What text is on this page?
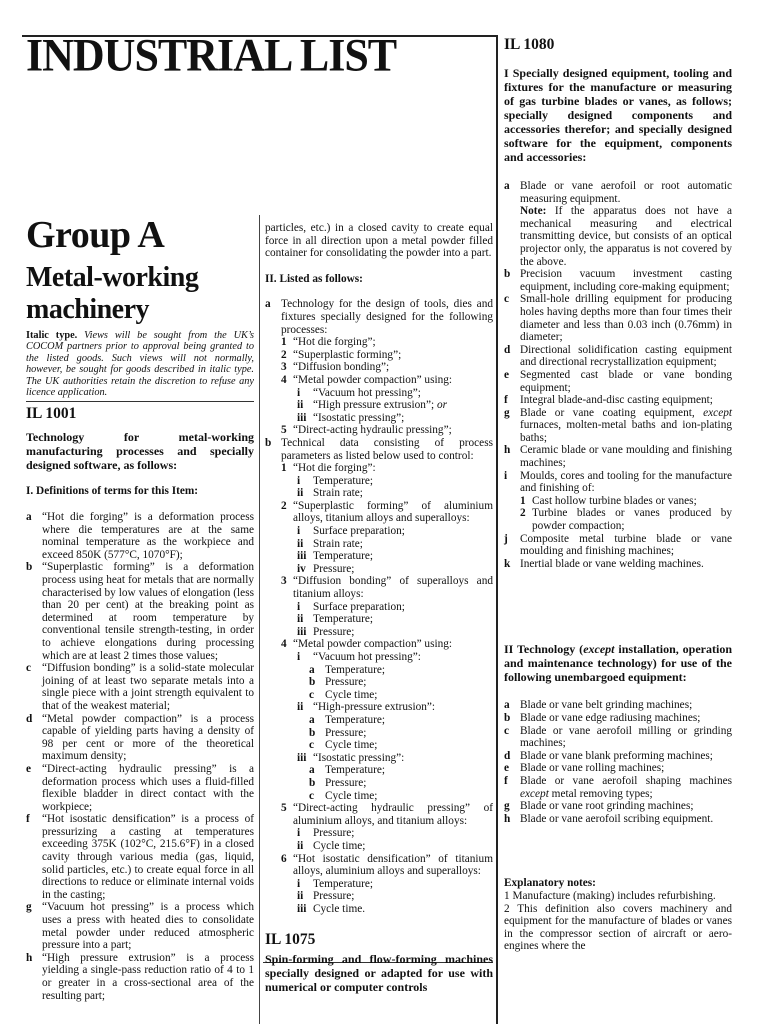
INDUSTRIAL LIST
Group A
Metal-working machinery

Italic type. Views will be sought from the UK’s COCOM partners prior to approval being granted to the listed goods. Such views will not normally, however, be sought for goods described in italic type. The UK authorities retain the discretion to refuse any licence application.

IL 1001

Technology for metal-working manufacturing processes and specially designed software, as follows:

I. Definitions of terms for this Item:

a “Hot die forging” is a deformation process where die temperatures are at the same nominal temperature as the workpiece and exceed 850K (577°C, 1070°F);
b “Superplastic forming” is a deformation process using heat for metals that are normally characterised by low values of elongation (less than 20 per cent) at the breaking point as determined at room temperature by conventional tensile strength-testing, in order to achieve elongations during processing which are at least 2 times those values;
c “Diffusion bonding” is a solid-state molecular joining of at least two separate metals into a single piece with a joint strength equivalent to that of the weakest material;
d “Metal powder compaction” is a process capable of yielding parts having a density of 98 per cent or more of the theoretical maximum density;
e “Direct-acting hydraulic pressing” is a deformation process which uses a fluid-filled flexible bladder in direct contact with the workpiece;
f	“Hot isostatic densification” is a process of pressurizing a casting at temperatures exceeding 375K (102°C, 215.6°F) in a closed cavity through various media (gas, liquid, solid particles, etc.) to create equal force in all directions to reduce or eliminate internal voids in the casting;
g “Vacuum hot pressing” is a process which uses a press with heated dies to consolidate metal powder under reduced atmospheric pressure into a part;
h “High pressure extrusion” is a process yielding a single-pass reduction ratio of 4 to 1 or greater in a cross-sectional area of the resulting part;

particles, etc.) in a closed cavity to create equal force in all direction upon a metal powder filled container for consolidating the powder into a part.

II. Listed as follows:

a Technology for the design of tools, dies and fixtures specially designed for the following processes:
1 “Hot die forging”;
2 “Superplastic forming”;
3 “Diffusion bonding”;
4 “Metal powder compaction” using:
i	“Vacuum hot pressing”;
ii “High pressure extrusion”; or
iii “Isostatic pressing”;
5 “Direct-acting hydraulic pressing”;
b Technical data consisting of process parameters as listed below used to control:
1 “Hot die forging”:
i	Temperature;
ii Strain rate;
2 “Superplastic forming” of aluminium alloys, titanium alloys and superalloys:
i	Surface preparation;
ii Strain rate;
iii Temperature;
iv Pressure;
3 “Diffusion bonding” of superalloys and titanium alloys:
i	Surface preparation;
ii Temperature;
iii Pressure;
4 “Metal powder compaction” using:
i	“Vacuum hot pressing”:
a Temperature;
b Pressure;
c Cycle time;
ii “High-pressure extrusion”:
a Temperature;
b Pressure;
c Cycle time;
iii “Isostatic pressing”:
a Temperature;
b Pressure;
c Cycle time;
5 “Direct-acting hydraulic pressing” of aluminium alloys, and titanium alloys:
i	Pressure;
ii Cycle time;
6 “Hot isostatic densification” of titanium alloys, aluminium alloys and superalloys:
i	Temperature;
ii Pressure;
iii Cycle time.
IL 1075

Spin-forming and flow-forming machines specially designed or adapted for use with numerical or computer controls

IL 1080

I Specially designed equipment, tooling and fixtures for the manufacture or measuring of gas turbine blades or vanes, as follows; specially designed components and accessories therefor; and specially designed software for the equipment, components and accessories:

a Blade or vane aerofoil or root automatic measuring equipment.

Note: If the apparatus does not have a mechanical measuring and electrical transmitting device, but consists of an optical projector only, the apparatus is not covered by the above.

b Precision vacuum investment casting equipment, including core-making equipment;
c Small-hole drilling equipment for producing holes having depths more than four times their diameter and less than 0.03 inch (0.76mm) in diameter;
d Directional solidification casting equipment and directional recrystallization equipment;
e Segmented cast blade or vane bonding equipment;
f	Integral blade-and-disc casting equipment;
g Blade or vane coating equipment, except furnaces, molten-metal baths and ion-plating baths;
h Ceramic blade or vane moulding and finishing machines;
i	Moulds, cores and tooling for the manufacture and finishing of:
1 Cast hollow turbine blades or vanes;
2 Turbine blades or vanes produced by powder compaction;
j	Composite metal turbine blade or vane moulding and finishing machines;
k Inertial blade or vane welding machines.

II Technology (except installation, operation and maintenance technology) for use of the following unembargoed equipment:

a Blade or vane belt grinding machines;
b Blade or vane edge radiusing machines;
c Blade or vane aerofoil milling or grinding machines;
d Blade or vane blank preforming machines;
e Blade or vane rolling machines;
f	Blade or vane aerofoil shaping machines except metal removing types;
g Blade or vane root grinding machines;
h Blade or vane aerofoil scribing equipment.

Explanatory notes:

1 Manufacture (making) includes refurbishing.

2 This definition also covers machinery and equipment for the manufacture of blades or vanes in the compressor section of aircraft or aero-engines where the
